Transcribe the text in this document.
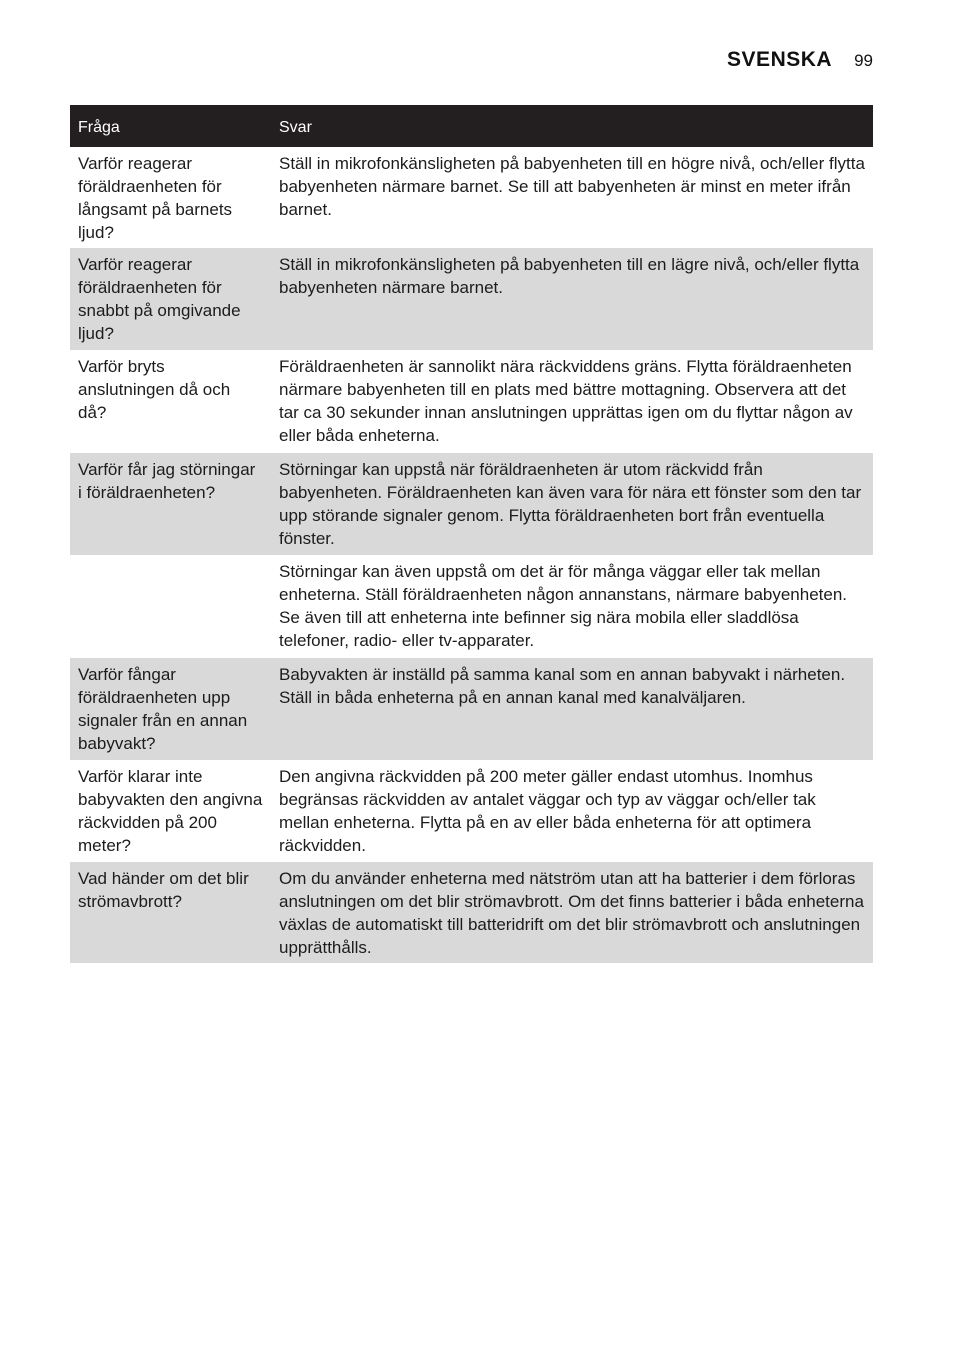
SVENSKA 99
Fråga	Svar
Varför reagerar föräldraenheten för långsamt på barnets ljud?
Ställ in mikrofonkänsligheten på babyenheten till en högre nivå, och/eller flytta babyenheten närmare barnet. Se till att babyenheten är minst en meter ifrån barnet.
Varför reagerar föräldraenheten för snabbt på omgivande ljud?
Ställ in mikrofonkänsligheten på babyenheten till en lägre nivå, och/eller flytta babyenheten närmare barnet.
Varför bryts anslutningen då och då?
Föräldraenheten är sannolikt nära räckviddens gräns. Flytta föräldraenheten närmare babyenheten till en plats med bättre mottagning. Observera att det tar ca 30 sekunder innan anslutningen upprättas igen om du flyttar någon av eller båda enheterna.
Varför får jag störningar i föräldraenheten?
Störningar kan uppstå när föräldraenheten är utom räckvidd från babyenheten. Föräldraenheten kan även vara för nära ett fönster som den tar upp störande signaler genom. Flytta föräldraenheten bort från eventuella fönster.
Störningar kan även uppstå om det är för många väggar eller tak mellan enheterna. Ställ föräldraenheten någon annanstans, närmare babyenheten. Se även till att enheterna inte befinner sig nära mobila eller sladdlösa telefoner, radio- eller tv-apparater.
Varför fångar föräldraenheten upp signaler från en annan babyvakt?
Babyvakten är inställd på samma kanal som en annan babyvakt i närheten. Ställ in båda enheterna på en annan kanal med kanalväljaren.
Varför klarar inte babyvakten den angivna räckvidden på 200 meter?
Den angivna räckvidden på 200 meter gäller endast utomhus. Inomhus begränsas räckvidden av antalet väggar och typ av väggar och/eller tak mellan enheterna. Flytta på en av eller båda enheterna för att optimera räckvidden.
Vad händer om det blir strömavbrott?
Om du använder enheterna med nätström utan att ha batterier i dem förloras anslutningen om det blir strömavbrott. Om det finns batterier i båda enheterna växlas de automatiskt till batteridrift om det blir strömavbrott och anslutningen upprätthålls.
